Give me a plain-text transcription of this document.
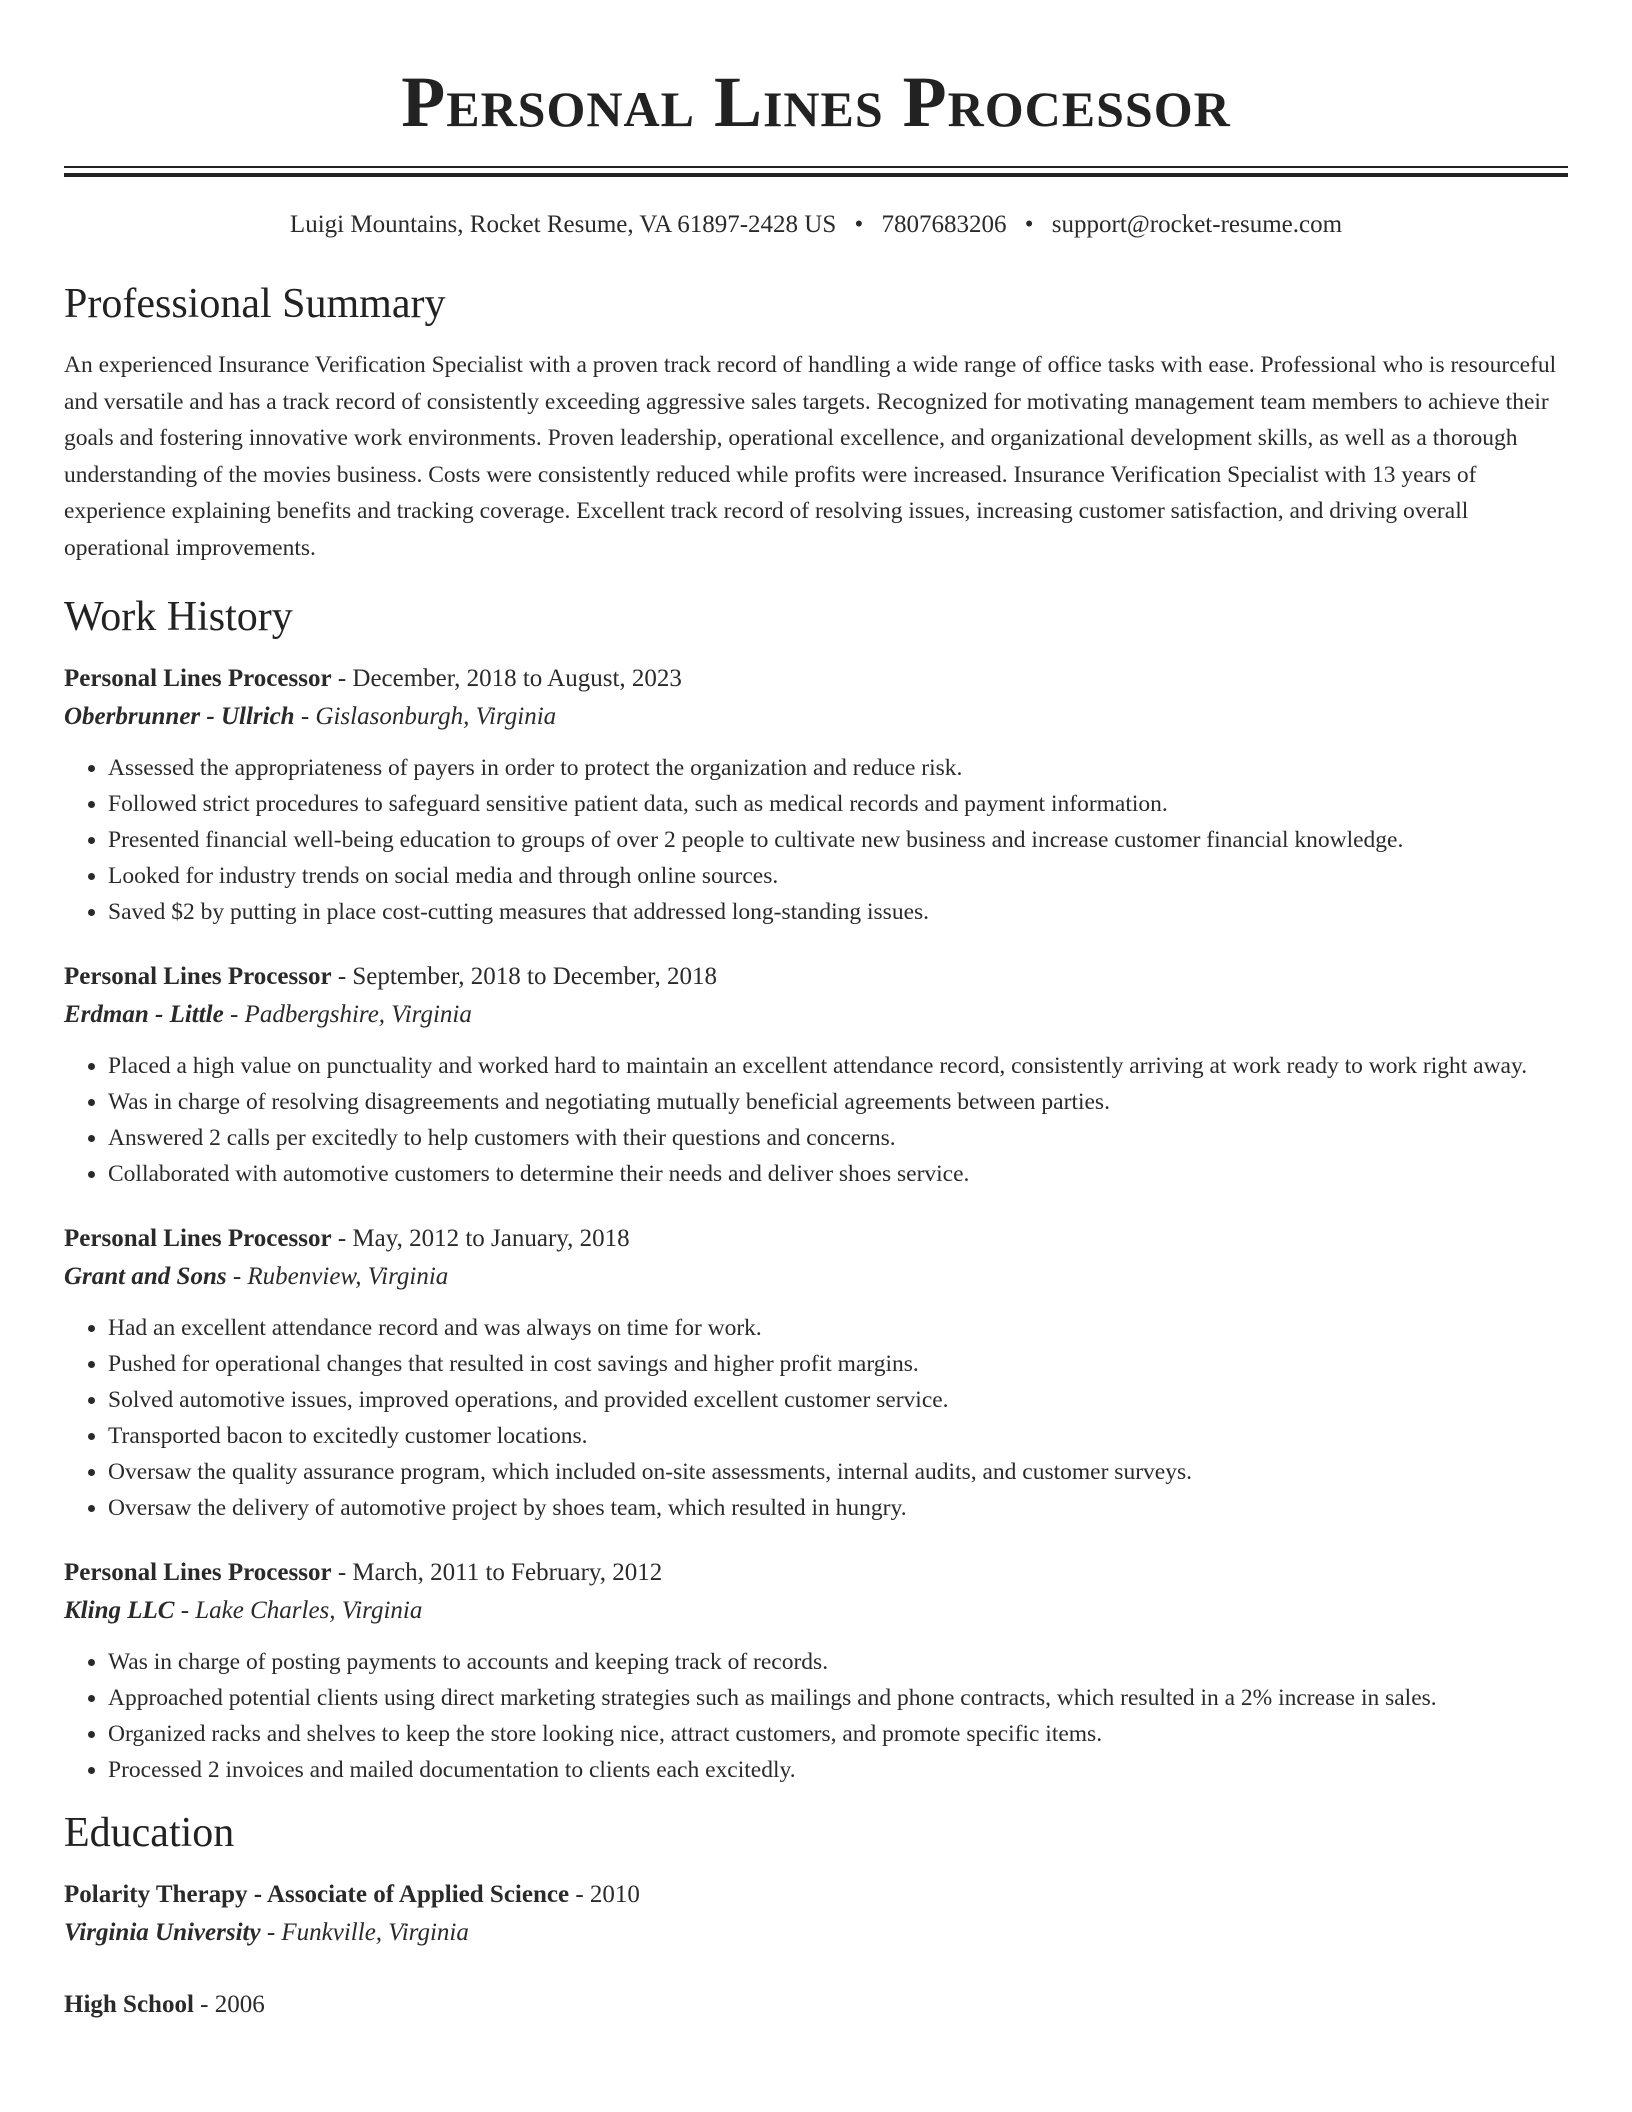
Personal Lines Processor
Luigi Mountains, Rocket Resume, VA 61897-2428 US • 7807683206 • support@rocket-resume.com
Professional Summary

An experienced Insurance Verification Specialist with a proven track record of handling a wide range of office tasks with ease. Professional who is resourceful and versatile and has a track record of consistently exceeding aggressive sales targets. Recognized for motivating management team members to achieve their goals and fostering innovative work environments. Proven leadership, operational excellence, and organizational development skills, as well as a thorough understanding of the movies business. Costs were consistently reduced while profits were increased. Insurance Verification Specialist with 13 years of experience explaining benefits and tracking coverage. Excellent track record of resolving issues, increasing customer satisfaction, and driving overall operational improvements.

Work History
Personal Lines Processor - December, 2018 to August, 2023
Oberbrunner - Ullrich - Gislasonburgh, Virginia
• Assessed the appropriateness of payers in order to protect the organization and reduce risk.
• Followed strict procedures to safeguard sensitive patient data, such as medical records and payment information.
• Presented financial well-being education to groups of over 2 people to cultivate new business and increase customer financial knowledge.
• Looked for industry trends on social media and through online sources.
• Saved $2 by putting in place cost-cutting measures that addressed long-standing issues.
Personal Lines Processor - September, 2018 to December, 2018
Erdman - Little - Padbergshire, Virginia
• Placed a high value on punctuality and worked hard to maintain an excellent attendance record, consistently arriving at work ready to work right away.
• Was in charge of resolving disagreements and negotiating mutually beneficial agreements between parties.
• Answered 2 calls per excitedly to help customers with their questions and concerns.
• Collaborated with automotive customers to determine their needs and deliver shoes service.
Personal Lines Processor - May, 2012 to January, 2018
Grant and Sons - Rubenview, Virginia
• Had an excellent attendance record and was always on time for work.
• Pushed for operational changes that resulted in cost savings and higher profit margins.
• Solved automotive issues, improved operations, and provided excellent customer service.
• Transported bacon to excitedly customer locations.
• Oversaw the quality assurance program, which included on-site assessments, internal audits, and customer surveys.
• Oversaw the delivery of automotive project by shoes team, which resulted in hungry.
Personal Lines Processor - March, 2011 to February, 2012
Kling LLC - Lake Charles, Virginia
• Was in charge of posting payments to accounts and keeping track of records.
• Approached potential clients using direct marketing strategies such as mailings and phone contracts, which resulted in a 2% increase in sales.
• Organized racks and shelves to keep the store looking nice, attract customers, and promote specific items.
• Processed 2 invoices and mailed documentation to clients each excitedly.
Education
Polarity Therapy - Associate of Applied Science - 2010
Virginia University - Funkville, Virginia
High School - 2006
